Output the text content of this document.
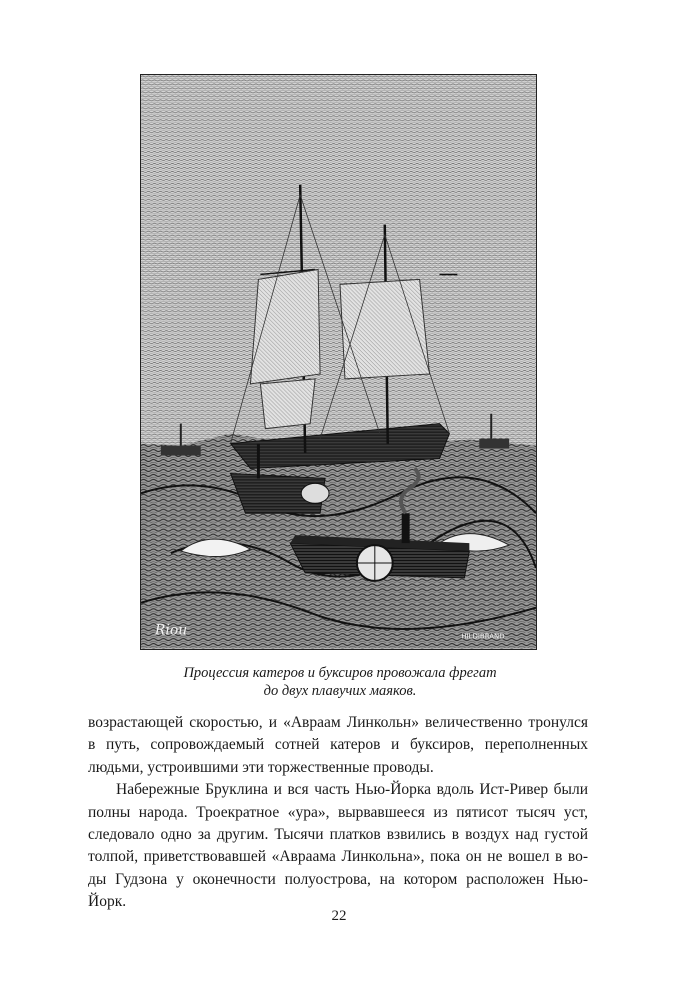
Riou	HILDIBRAND
Процессия катеров и буксиров провожала фрегат
до двух плавучих маяков.
возрастающей скоростью, и «Авраам Линкольн» величественно тронулся
в путь, сопровождаемый сотней катеров и буксиров, переполненных
людьми, устроившими эти торжественные проводы.
Набережные Бруклина и вся часть Нью-Йорка вдоль Ист-Ривер были
полны народа. Троекратное «ура», вырвавшееся из пятисот тысяч уст,
следовало одно за другим. Тысячи платков взвились в воздух над густой
толпой, приветствовавшей «Авраама Линкольна», пока он не вошел в во-
ды Гудзона у оконечности полуострова, на котором расположен Нью-
Йорк.
22
